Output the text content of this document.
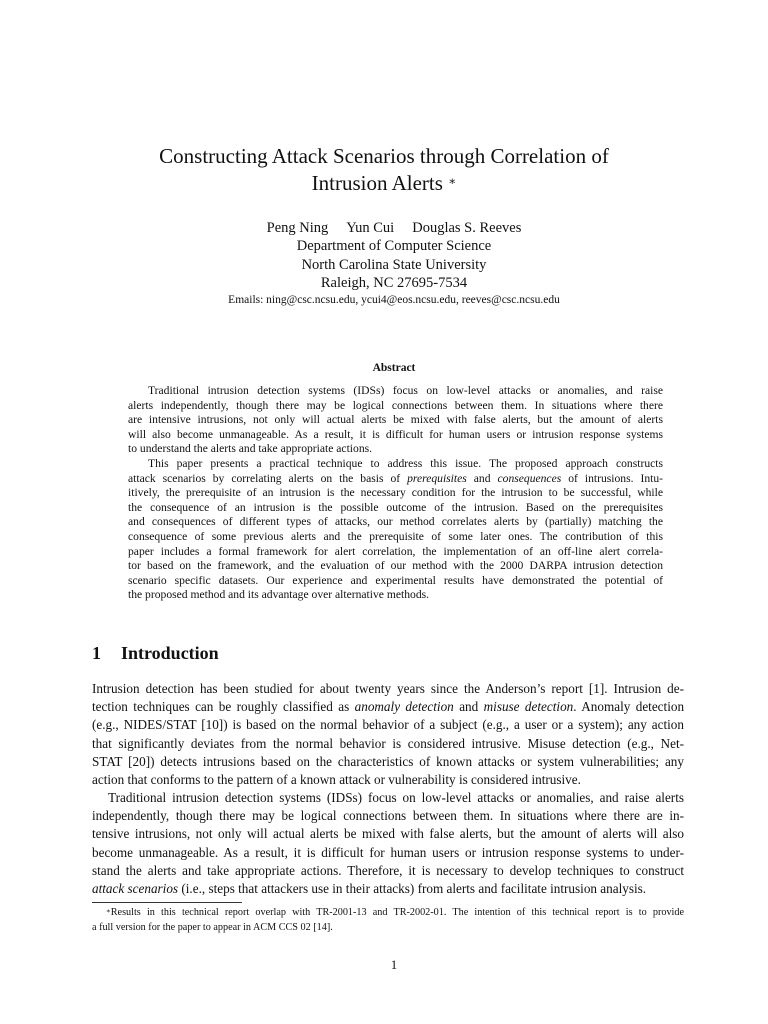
Constructing Attack Scenarios through Correlation of
Intrusion Alerts ∗
Peng Ning Yun Cui Douglas S. Reeves
Department of Computer Science
North Carolina State University
Raleigh, NC 27695-7534
Emails: ning@csc.ncsu.edu, ycui4@eos.ncsu.edu, reeves@csc.ncsu.edu
Abstract
Traditional intrusion detection systems (IDSs) focus on low-level attacks or anomalies, and raise
alerts independently, though there may be logical connections between them. In situations where there
are intensive intrusions, not only will actual alerts be mixed with false alerts, but the amount of alerts
will also become unmanageable. As a result, it is difficult for human users or intrusion response systems
to understand the alerts and take appropriate actions.
This paper presents a practical technique to address this issue. The proposed approach constructs
attack scenarios by correlating alerts on the basis of prerequisites and consequences of intrusions. Intu-
itively, the prerequisite of an intrusion is the necessary condition for the intrusion to be successful, while
the consequence of an intrusion is the possible outcome of the intrusion. Based on the prerequisites
and consequences of different types of attacks, our method correlates alerts by (partially) matching the
consequence of some previous alerts and the prerequisite of some later ones. The contribution of this
paper includes a formal framework for alert correlation, the implementation of an off-line alert correla-
tor based on the framework, and the evaluation of our method with the 2000 DARPA intrusion detection
scenario specific datasets. Our experience and experimental results have demonstrated the potential of
the proposed method and its advantage over alternative methods.
1 Introduction
Intrusion detection has been studied for about twenty years since the Anderson’s report [1]. Intrusion de-
tection techniques can be roughly classified as anomaly detection and misuse detection. Anomaly detection
(e.g., NIDES/STAT [10]) is based on the normal behavior of a subject (e.g., a user or a system); any action
that significantly deviates from the normal behavior is considered intrusive. Misuse detection (e.g., Net-
STAT [20]) detects intrusions based on the characteristics of known attacks or system vulnerabilities; any
action that conforms to the pattern of a known attack or vulnerability is considered intrusive.
Traditional intrusion detection systems (IDSs) focus on low-level attacks or anomalies, and raise alerts
independently, though there may be logical connections between them. In situations where there are in-
tensive intrusions, not only will actual alerts be mixed with false alerts, but the amount of alerts will also
become unmanageable. As a result, it is difficult for human users or intrusion response systems to under-
stand the alerts and take appropriate actions. Therefore, it is necessary to develop techniques to construct
attack scenarios (i.e., steps that attackers use in their attacks) from alerts and facilitate intrusion analysis.
∗Results in this technical report overlap with TR-2001-13 and TR-2002-01. The intention of this technical report is to provide
a full version for the paper to appear in ACM CCS 02 [14].
1
